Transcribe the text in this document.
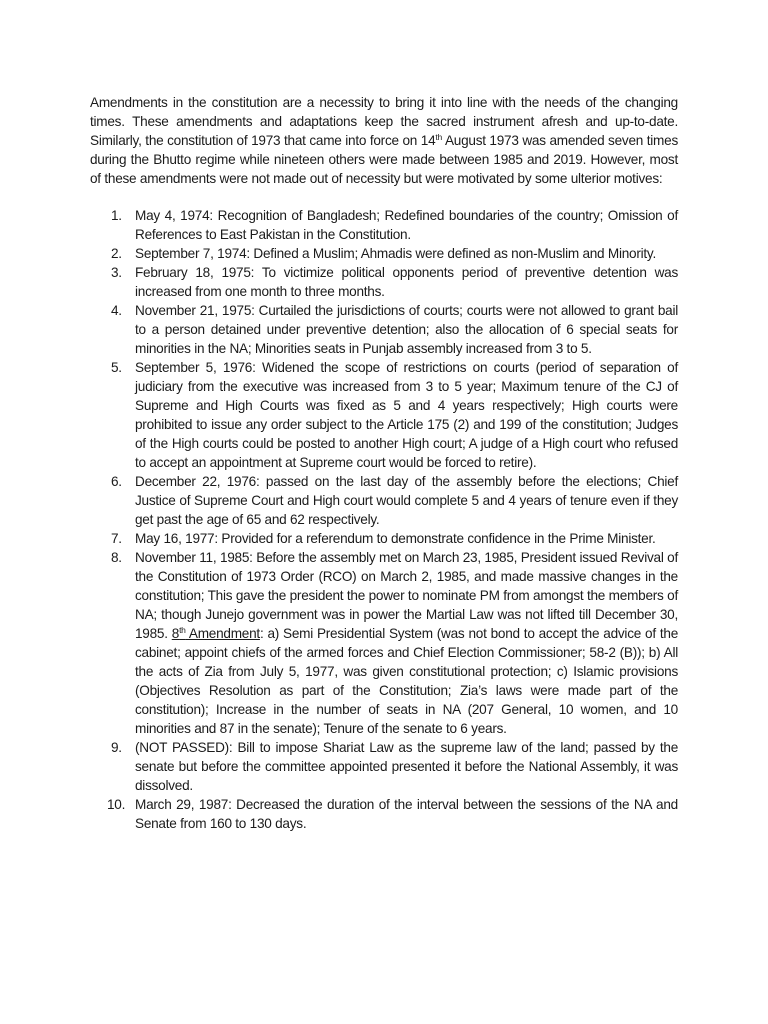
Amendments in the constitution are a necessity to bring it into line with the needs of the changing times. These amendments and adaptations keep the sacred instrument afresh and up-to-date. Similarly, the constitution of 1973 that came into force on 14th August 1973 was amended seven times during the Bhutto regime while nineteen others were made between 1985 and 2019. However, most of these amendments were not made out of necessity but were motivated by some ulterior motives:

1. May 4, 1974: Recognition of Bangladesh; Redefined boundaries of the country; Omission of References to East Pakistan in the Constitution.
2. September 7, 1974: Defined a Muslim; Ahmadis were defined as non-Muslim and Minority.
3. February 18, 1975: To victimize political opponents period of preventive detention was increased from one month to three months.
4. November 21, 1975: Curtailed the jurisdictions of courts; courts were not allowed to grant bail to a person detained under preventive detention; also the allocation of 6 special seats for minorities in the NA; Minorities seats in Punjab assembly increased from 3 to 5.
5. September 5, 1976: Widened the scope of restrictions on courts (period of separation of judiciary from the executive was increased from 3 to 5 year; Maximum tenure of the CJ of Supreme and High Courts was fixed as 5 and 4 years respectively; High courts were prohibited to issue any order subject to the Article 175 (2) and 199 of the constitution; Judges of the High courts could be posted to another High court; A judge of a High court who refused to accept an appointment at Supreme court would be forced to retire).
6. December 22, 1976: passed on the last day of the assembly before the elections; Chief Justice of Supreme Court and High court would complete 5 and 4 years of tenure even if they get past the age of 65 and 62 respectively.
7. May 16, 1977: Provided for a referendum to demonstrate confidence in the Prime Minister.
8. November 11, 1985: Before the assembly met on March 23, 1985, President issued Revival of the Constitution of 1973 Order (RCO) on March 2, 1985, and made massive changes in the constitution; This gave the president the power to nominate PM from amongst the members of NA; though Junejo government was in power the Martial Law was not lifted till December 30, 1985. 8th Amendment: a) Semi Presidential System (was not bond to accept the advice of the cabinet; appoint chiefs of the armed forces and Chief Election Commissioner; 58-2 (B)); b) All the acts of Zia from July 5, 1977, was given constitutional protection; c) Islamic provisions (Objectives Resolution as part of the Constitution; Zia’s laws were made part of the constitution); Increase in the number of seats in NA (207 General, 10 women, and 10 minorities and 87 in the senate); Tenure of the senate to 6 years.
9. (NOT PASSED): Bill to impose Shariat Law as the supreme law of the land; passed by the senate but before the committee appointed presented it before the National Assembly, it was dissolved.
10. March 29, 1987: Decreased the duration of the interval between the sessions of the NA and Senate from 160 to 130 days.
